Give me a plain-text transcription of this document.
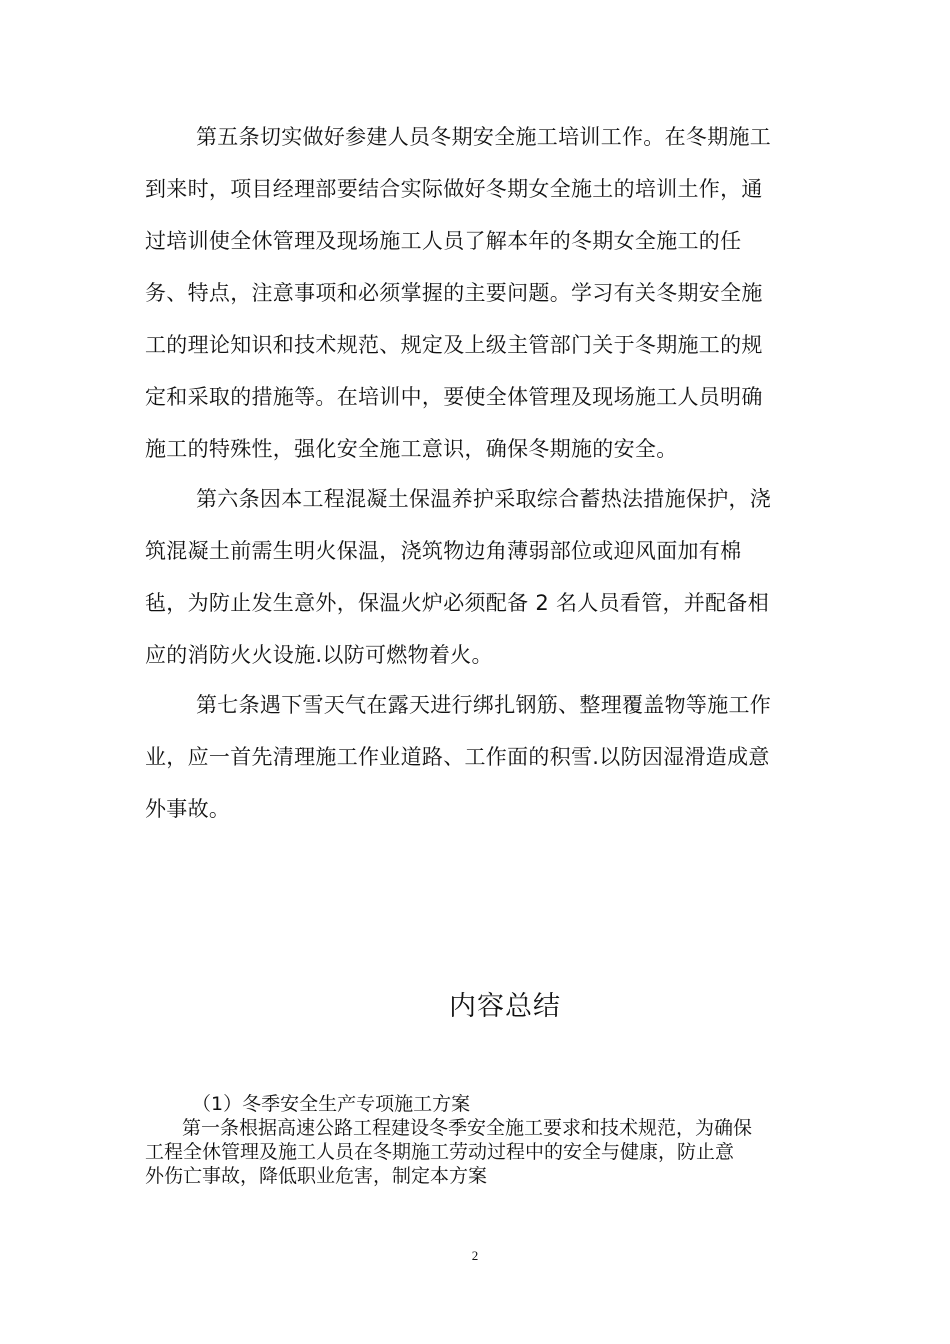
第五条切实做好参建人员冬期安全施工培训工作。在冬期施工
到来时，项目经理部要结合实际做好冬期女全施土的培训土作，通
过培训使全休管理及现场施工人员了解本年的冬期女全施工的任
务、特点，注意事项和必须掌握的主要问题。学习有关冬期安全施
工的理论知识和技术规范、规定及上级主管部门关于冬期施工的规
定和采取的措施等。在培训中，要使全体管理及现场施工人员明确
施工的特殊性，强化安全施工意识，确保冬期施的安全。
第六条因本工程混凝土保温养护采取综合蓄热法措施保护，浇
筑混凝土前需生明火保温，浇筑物边角薄弱部位或迎风面加有棉
毡，为防止发生意外，保温火炉必须配备 2 名人员看管，并配备相
应的消防火火设施.以防可燃物着火。
第七条遇下雪天气在露天进行绑扎钢筋、整理覆盖物等施工作
业，应一首先清理施工作业道路、工作面的积雪.以防因湿滑造成意
外事故。
内容总结
（1）冬季安全生产专项施工方案
第一条根据高速公路工程建设冬季安全施工要求和技术规范，为确保
工程全休管理及施工人员在冬期施工劳动过程中的安全与健康，防止意
外伤亡事故，降低职业危害，制定本方案
2
